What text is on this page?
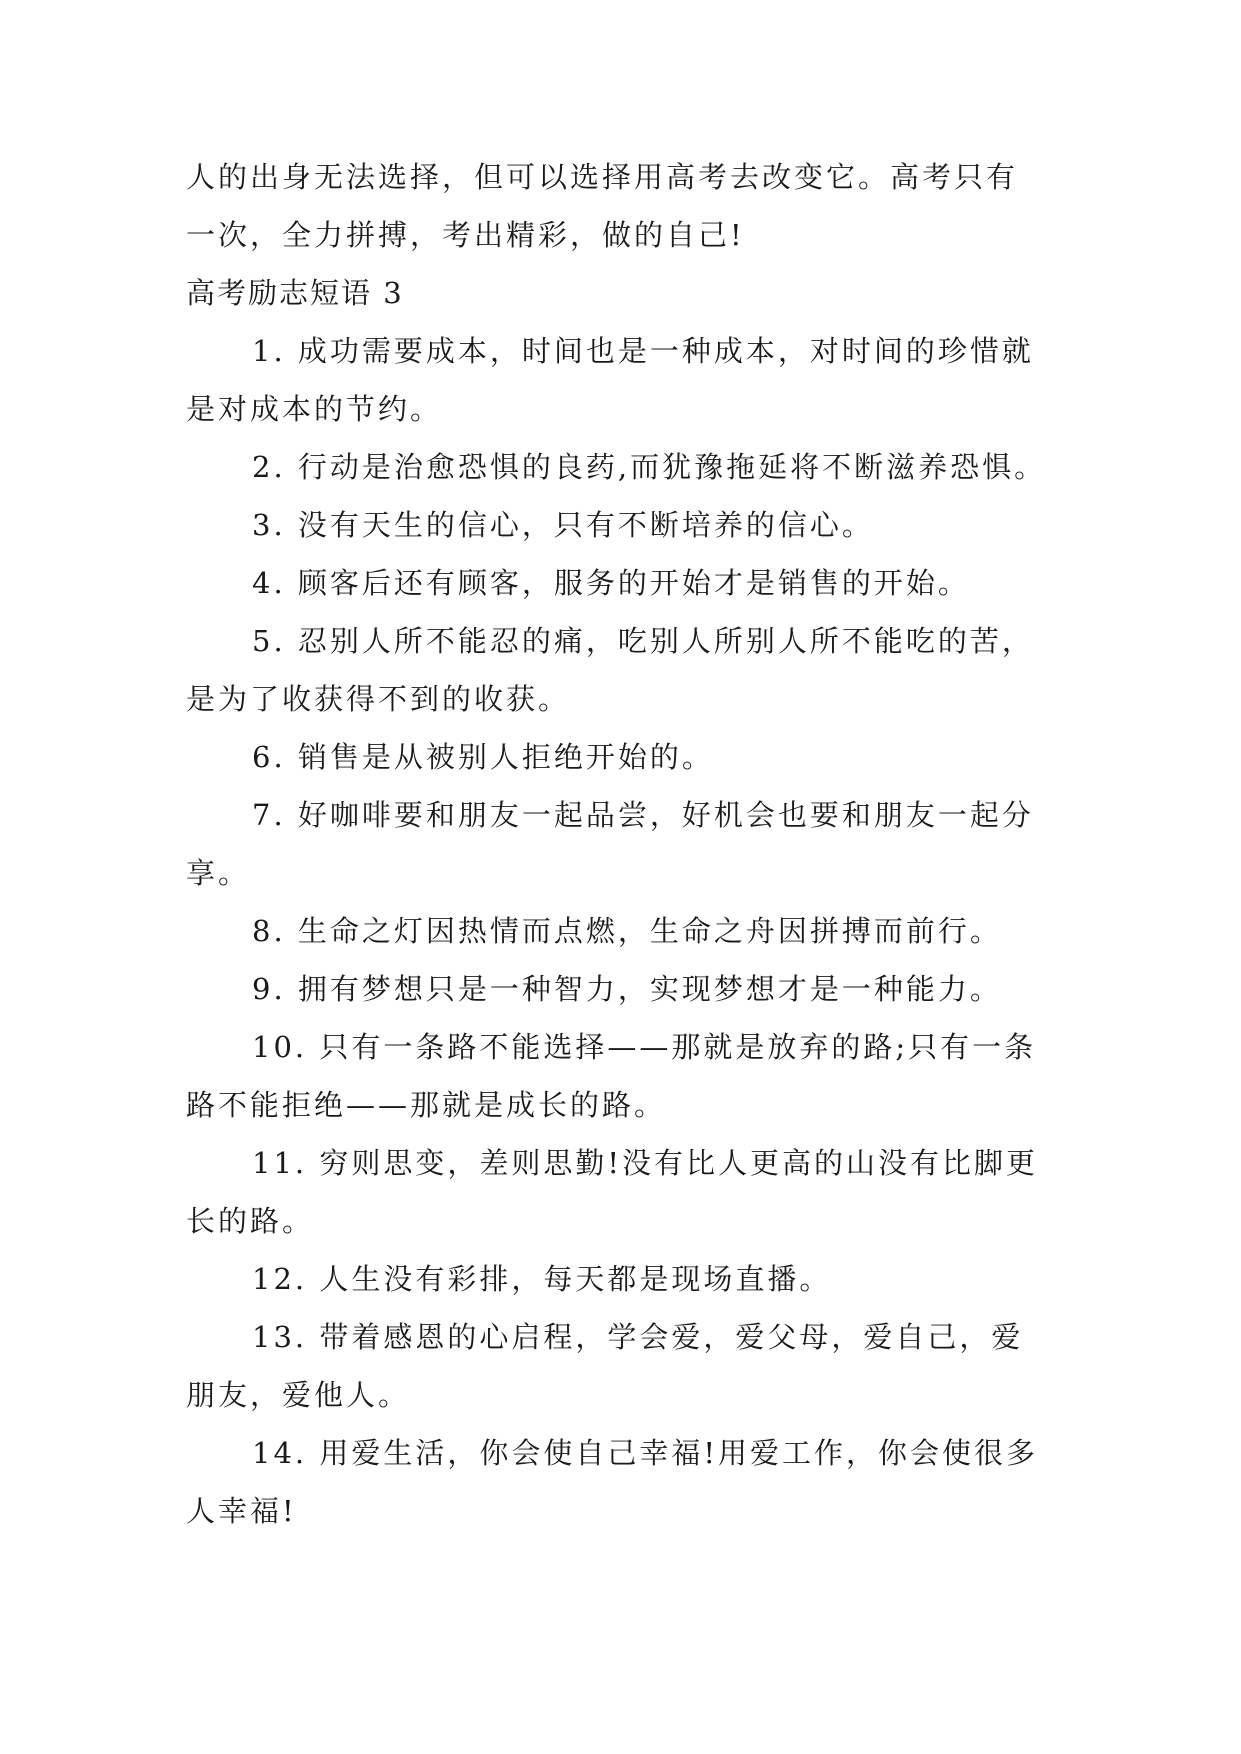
人的出身无法选择，但可以选择用高考去改变它。高考只有

一次，全力拼搏，考出精彩，做的自己!

高考励志短语 3

1. 成功需要成本，时间也是一种成本，对时间的珍惜就

是对成本的节约。

2. 行动是治愈恐惧的良药,而犹豫拖延将不断滋养恐惧。

3. 没有天生的信心，只有不断培养的信心。

4. 顾客后还有顾客，服务的开始才是销售的开始。

5. 忍别人所不能忍的痛，吃别人所别人所不能吃的苦，

是为了收获得不到的收获。

6. 销售是从被别人拒绝开始的。

7. 好咖啡要和朋友一起品尝，好机会也要和朋友一起分

享。

8. 生命之灯因热情而点燃，生命之舟因拼搏而前行。

9. 拥有梦想只是一种智力，实现梦想才是一种能力。

10. 只有一条路不能选择——那就是放弃的路;只有一条

路不能拒绝——那就是成长的路。

11. 穷则思变，差则思勤!没有比人更高的山没有比脚更

长的路。

12. 人生没有彩排，每天都是现场直播。

13. 带着感恩的心启程，学会爱，爱父母，爱自己，爱

朋友，爱他人。

14. 用爱生活，你会使自己幸福!用爱工作，你会使很多

人幸福!
